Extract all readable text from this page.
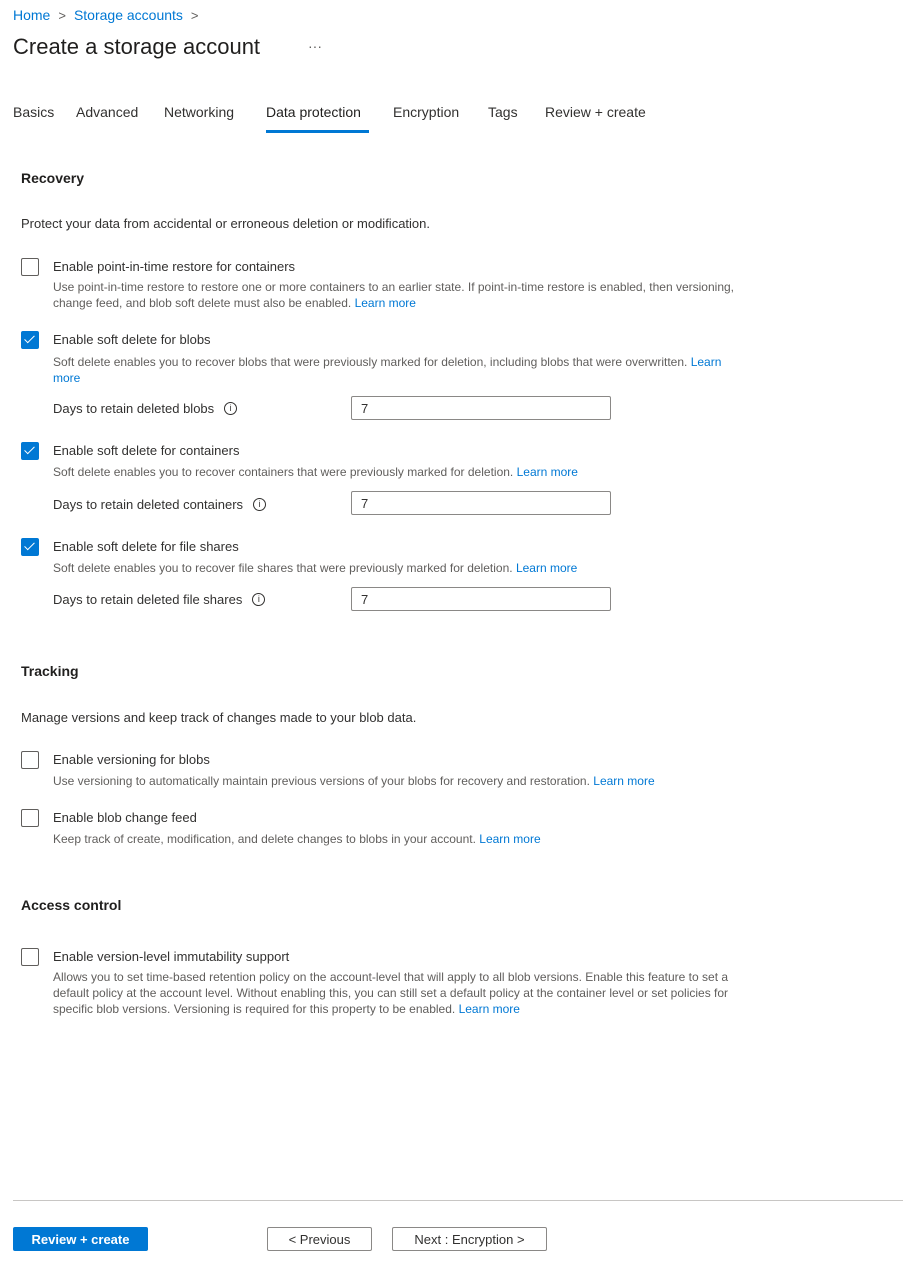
Home > Storage accounts >
Create a storage account	···
Basics Advanced Networking Data protection	Encryption Tags Review + create
Recovery
Protect your data from accidental or erroneous deletion or modification.
Enable point-in-time restore for containers
Use point-in-time restore to restore one or more containers to an earlier state. If point-in-time restore is enabled, then versioning, change feed, and blob soft delete must also be enabled. Learn more
Enable soft delete for blobs
Soft delete enables you to recover blobs that were previously marked for deletion, including blobs that were overwritten. Learn more
Days to retain deleted blobs	i
7
Enable soft delete for containers
Soft delete enables you to recover containers that were previously marked for deletion. Learn more
Days to retain deleted containers	i
7
Enable soft delete for file shares
Soft delete enables you to recover file shares that were previously marked for deletion. Learn more
Days to retain deleted file shares	i
7
Tracking
Manage versions and keep track of changes made to your blob data.
Enable versioning for blobs
Use versioning to automatically maintain previous versions of your blobs for recovery and restoration. Learn more
Enable blob change feed
Keep track of create, modification, and delete changes to blobs in your account. Learn more
Access control
Enable version-level immutability support
Allows you to set time-based retention policy on the account-level that will apply to all blob versions. Enable this feature to set a default policy at the account level. Without enabling this, you can still set a default policy at the container level or set policies for specific blob versions. Versioning is required for this property to be enabled. Learn more
Review + create	< Previous	Next : Encryption >
